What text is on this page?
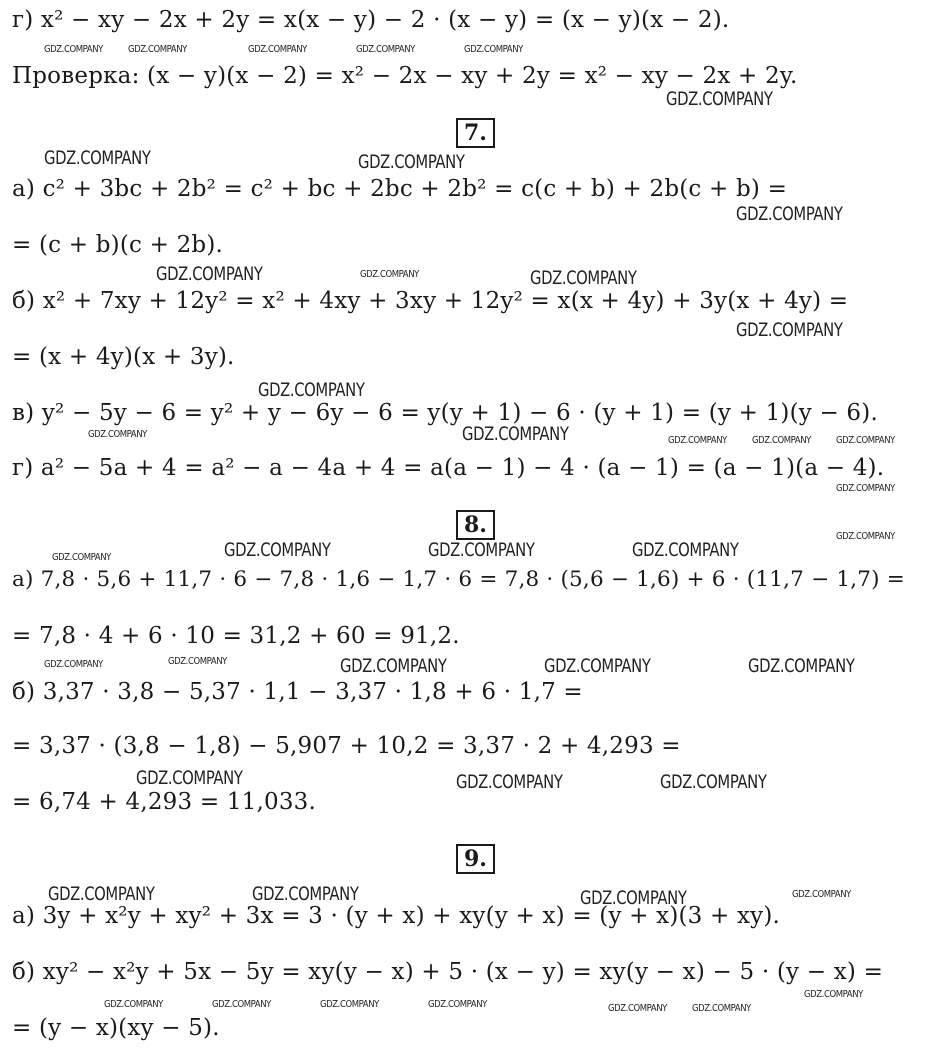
г) x² − xy − 2x + 2y = x(x − y) − 2 · (x − y) = (x − y)(x − 2).
Проверка: (x − y)(x − 2) = x² − 2x − xy + 2y = x² − xy − 2x + 2y.
7.
а) c² + 3bc + 2b² = c² + bc + 2bc + 2b² = c(c + b) + 2b(c + b) =
= (c + b)(c + 2b).
б) x² + 7xy + 12y² = x² + 4xy + 3xy + 12y² = x(x + 4y) + 3y(x + 4y) =
= (x + 4y)(x + 3y).
в) y² − 5y − 6 = y² + y − 6y − 6 = y(y + 1) − 6 · (y + 1) = (y + 1)(y − 6).
г) a² − 5a + 4 = a² − a − 4a + 4 = a(a − 1) − 4 · (a − 1) = (a − 1)(a − 4).
8.
а) 7,8 · 5,6 + 11,7 · 6 − 7,8 · 1,6 − 1,7 · 6 = 7,8 · (5,6 − 1,6) + 6 · (11,7 − 1,7) =
= 7,8 · 4 + 6 · 10 = 31,2 + 60 = 91,2.
б) 3,37 · 3,8 − 5,37 · 1,1 − 3,37 · 1,8 + 6 · 1,7 =
= 3,37 · (3,8 − 1,8) − 5,907 + 10,2 = 3,37 · 2 + 4,293 =
= 6,74 + 4,293 = 11,033.
9.
а) 3y + x²y + xy² + 3x = 3 · (y + x) + xy(y + x) = (y + x)(3 + xy).
б) xy² − x²y + 5x − 5y = xy(y − x) + 5 · (x − y) = xy(y − x) − 5 · (y − x) =
= (y − x)(xy − 5).
GDZ.COMPANY	GDZ.COMPANY	GDZ.COMPANY	GDZ.COMPANY	GDZ.COMPANY
GDZ.COMPANY
GDZ.COMPANY	GDZ.COMPANY
GDZ.COMPANY
GDZ.COMPANY	GDZ.COMPANY	GDZ.COMPANY
GDZ.COMPANY
GDZ.COMPANY
GDZ.COMPANY	GDZ.COMPANY	GDZ.COMPANY	GDZ.COMPANY	GDZ.COMPANY
GDZ.COMPANY
GDZ.COMPANY
GDZ.COMPANY	GDZ.COMPANY	GDZ.COMPANY	GDZ.COMPANY
GDZ.COMPANY	GDZ.COMPANY	GDZ.COMPANY	GDZ.COMPANY	GDZ.COMPANY
GDZ.COMPANY	GDZ.COMPANY	GDZ.COMPANY
GDZ.COMPANY	GDZ.COMPANY	GDZ.COMPANY	GDZ.COMPANY
GDZ.COMPANY
GDZ.COMPANY	GDZ.COMPANY	GDZ.COMPANY	GDZ.COMPANY	GDZ.COMPANY	GDZ.COMPANY
